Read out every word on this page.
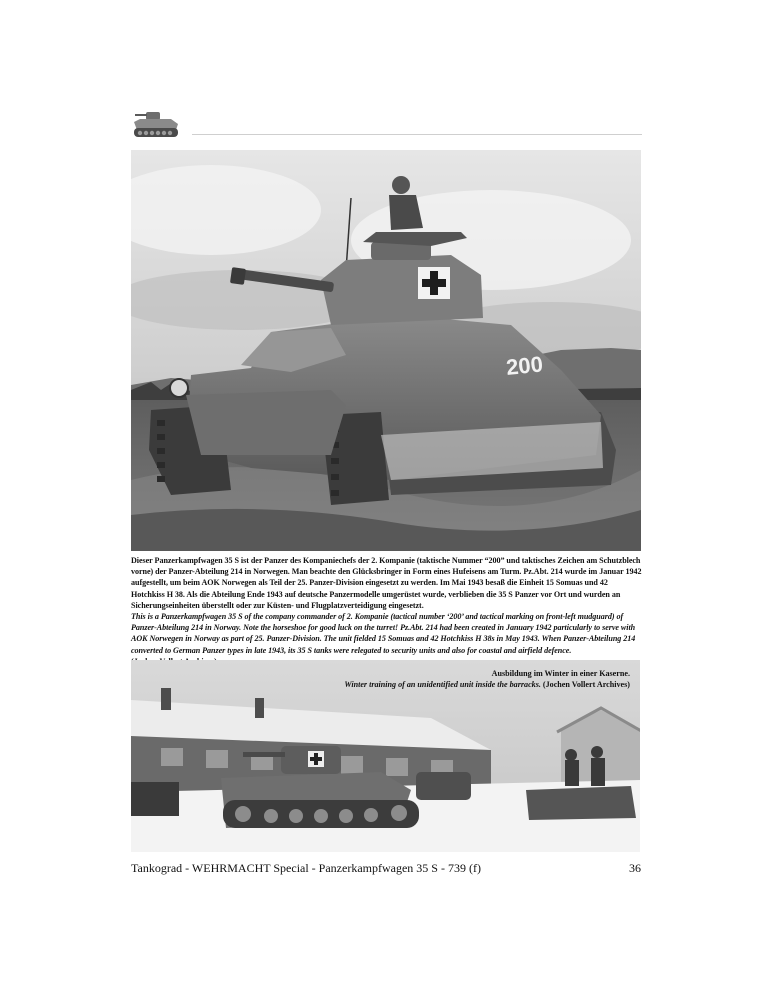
200

Dieser Panzerkampfwagen 35 S ist der Panzer des Kompaniechefs der 2. Kompanie (taktische Nummer “200” und taktisches Zeichen am Schutzblech vorne) der Panzer-Abteilung 214 in Norwegen. Man beachte den Glücksbringer in Form eines Hufeisens am Turm. Pz.Abt. 214 wurde im Januar 1942 aufgestellt, um beim AOK Norwegen als Teil der 25. Panzer-Division eingesetzt zu werden. Im Mai 1943 besaß die Einheit 15 Somuas und 42 Hotchkiss H 38. Als die Abteilung Ende 1943 auf deutsche Panzermodelle umgerüstet wurde, verblieben die 35 S Panzer vor Ort und wurden an Sicherungseinheiten überstellt oder zur Küsten- und Flugplatzverteidigung eingesetzt.

This is a Panzerkampfwagen 35 S of the company commander of 2. Kompanie (tactical number ‘200’ and tactical marking on front-left mudguard) of Panzer-Abteilung 214 in Norway. Note the horseshoe for good luck on the turret! Pz.Abt. 214 had been created in January 1942 particularly to serve with AOK Norwegen in Norway as part of 25. Panzer-Division. The unit fielded 15 Somuas and 42 Hotchkiss H 38s in May 1943. When Panzer-Abteilung 214 converted to German Panzer types in late 1943, its 35 S tanks were relegated to security units and also for coastal and airfield defence.

Ausbildung im Winter in einer Kaserne.

Winter training of an unidentified unit inside the barracks. (Jochen Vollert Archives)

Tankograd - WEHRMACHT Special - Panzerkampfwagen 35 S - 739 (f)	36
